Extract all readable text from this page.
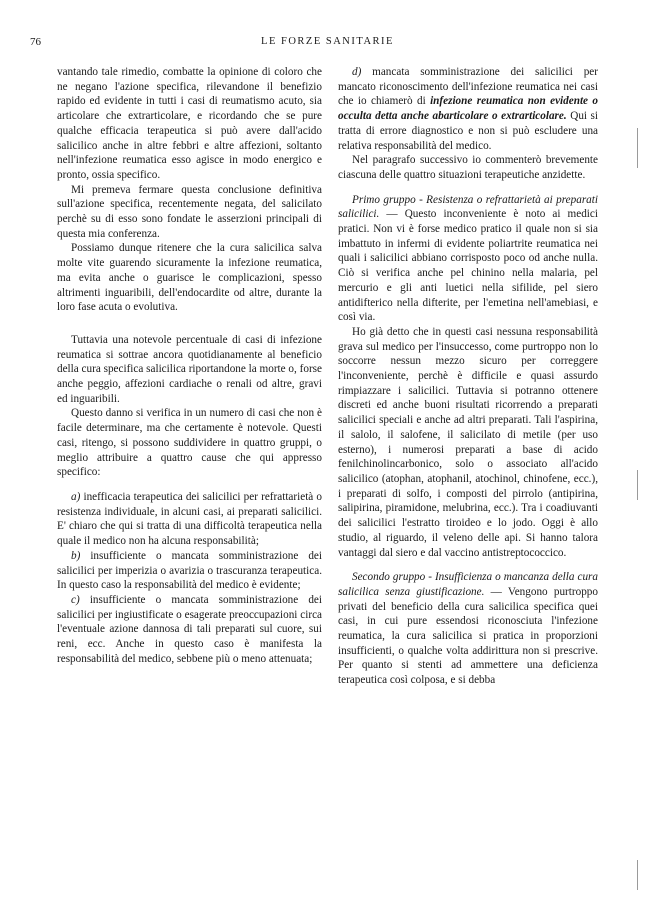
76	LE FORZE SANITARIE

vantando tale rimedio, combatte la opinione di coloro che ne negano l'azione specifica, rilevandone il benefizio rapido ed evidente in tutti i casi di reumatismo acuto, sia articolare che extrarticolare, e ricordando che se pure qualche efficacia terapeutica si può avere dall'acido salicilico anche in altre febbri e altre affezioni, soltanto nell'infezione reumatica esso agisce in modo energico e pronto, ossia specifico.

Mi premeva fermare questa conclusione definitiva sull'azione specifica, recentemente negata, del salicilato perchè su di esso sono fondate le asserzioni principali di questa mia conferenza.

Possiamo dunque ritenere che la cura salicilica salva molte vite guarendo sicuramente la infezione reumatica, ma evita anche o guarisce le complicazioni, spesso altrimenti inguaribili, dell'endocardite od altre, durante la loro fase acuta o evolutiva.

Tuttavia una notevole percentuale di casi di infezione reumatica si sottrae ancora quotidianamente al beneficio della cura specifica salicilica riportandone la morte o, forse anche peggio, affezioni cardiache o renali od altre, gravi ed inguaribili.

Questo danno si verifica in un numero di casi che non è facile determinare, ma che certamente è notevole. Questi casi, ritengo, si possono suddividere in quattro gruppi, o meglio attribuire a quattro cause che qui appresso specifico:

a) inefficacia terapeutica dei salicilici per refrattarietà o resistenza individuale, in alcuni casi, ai preparati salicilici. E' chiaro che qui si tratta di una difficoltà terapeutica nella quale il medico non ha alcuna responsabilità;

b) insufficiente o mancata somministrazione dei salicilici per imperizia o avarizia o trascuranza terapeutica. In questo caso la responsabilità del medico è evidente;

c) insufficiente o mancata somministrazione dei salicilici per ingiustificate o esagerate preoccupazioni circa l'eventuale azione dannosa di tali preparati sul cuore, sui reni, ecc. Anche in questo caso è manifesta la responsabilità del medico, sebbene più o meno attenuata;

d) mancata somministrazione dei salicilici per mancato riconoscimento dell'infezione reumatica nei casi che io chiamerò di infezione reumatica non evidente o occulta detta anche abarticolare o extrarticolare. Qui si tratta di errore diagnostico e non si può escludere una relativa responsabilità del medico.

Nel paragrafo successivo io commenterò brevemente ciascuna delle quattro situazioni terapeutiche anzidette.

Primo gruppo - Resistenza o refrattarietà ai preparati salicilici. — Questo inconveniente è noto ai medici pratici. Non vi è forse medico pratico il quale non si sia imbattuto in infermi di evidente poliartrite reumatica nei quali i salicilici abbiano corrisposto poco od anche nulla. Ciò si verifica anche pel chinino nella malaria, pel mercurio e gli anti luetici nella sifilide, pel siero antidifterico nella difterite, per l'emetina nell'amebiasi, e così via.

Ho già detto che in questi casi nessuna responsabilità grava sul medico per l'insuccesso, come purtroppo non lo soccorre nessun mezzo sicuro per correggere l'inconveniente, perchè è difficile e quasi assurdo rimpiazzare i salicilici. Tuttavia si potranno ottenere discreti ed anche buoni risultati ricorrendo a preparati salicilici speciali e anche ad altri preparati. Tali l'aspirina, il salolo, il salofene, il salicilato di metile (per uso esterno), i numerosi preparati a base di acido fenilchinolincarbonico, solo o associato all'acido salicilico (atophan, atophanil, atochinol, chinofene, ecc.), i preparati di solfo, i composti del pirrolo (antipirina, salipirina, piramidone, melubrina, ecc.). Tra i coadiuvanti dei salicilici l'estratto tiroideo e lo jodo. Oggi è allo studio, al riguardo, il veleno delle api. Si hanno talora vantaggi dal siero e dal vaccino antistreptococcico.

Secondo gruppo - Insufficienza o mancanza della cura salicilica senza giustificazione. — Vengono purtroppo privati del beneficio della cura salicilica specifica quei casi, in cui pure essendosi riconosciuta l'infezione reumatica, la cura salicilica si pratica in proporzioni insufficienti, o qualche volta addirittura non si prescrive. Per quanto si stenti ad ammettere una deficienza terapeutica così colposa, e si debba
